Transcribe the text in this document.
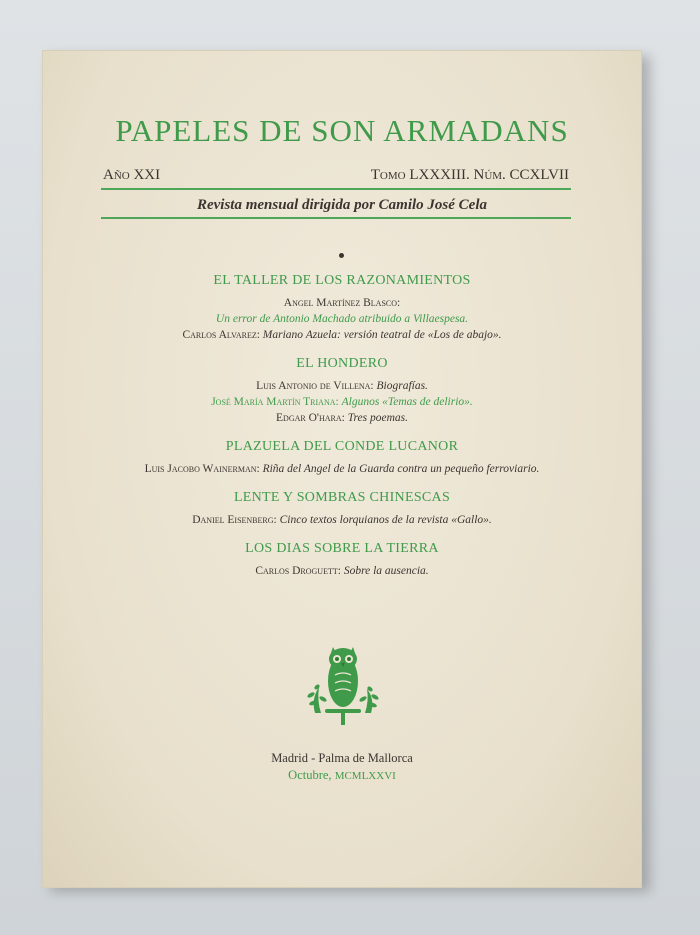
PAPELES DE SON ARMADANS
Año XXI	Tomo LXXXIII. Núm. CCXLVII
Revista mensual dirigida por Camilo José Cela
EL TALLER DE LOS RAZONAMIENTOS
Angel Martínez Blasco:
Un error de Antonio Machado atribuido a Villaespesa.
Carlos Alvarez: Mariano Azuela: versión teatral de «Los de abajo».
EL HONDERO
Luis Antonio de Villena: Biografías.
José María Martín Triana: Algunos «Temas de delirio».
Edgar O'hara: Tres poemas.
PLAZUELA DEL CONDE LUCANOR
Luis Jacobo Wainerman: Riña del Angel de la Guarda contra un pequeño ferroviario.
LENTE Y SOMBRAS CHINESCAS
Daniel Eisenberg: Cinco textos lorquianos de la revista «Gallo».
LOS DIAS SOBRE LA TIERRA
Carlos Droguett: Sobre la ausencia.
Madrid - Palma de Mallorca
Octubre, MCMLXXVI
